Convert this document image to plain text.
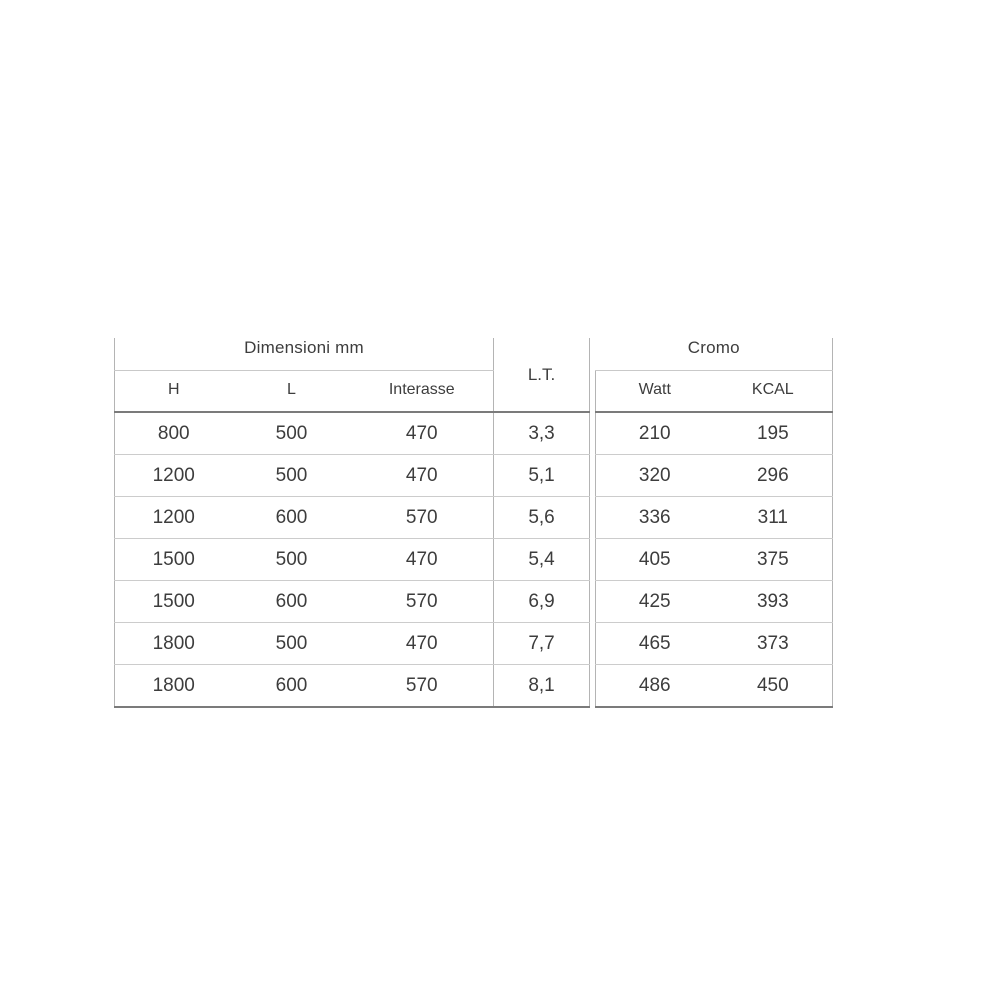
Dimensioni mm			L.T.		Cromo	
H	L	Interasse			Watt	KCAL

800	500	470	3,3		210	195
1200	500	470	5,1		320	296
1200	600	570	5,6		336	311
1500	500	470	5,4		405	375
1500	600	570	6,9		425	393
1800	500	470	7,7		465	373
1800	600	570	8,1		486	450
